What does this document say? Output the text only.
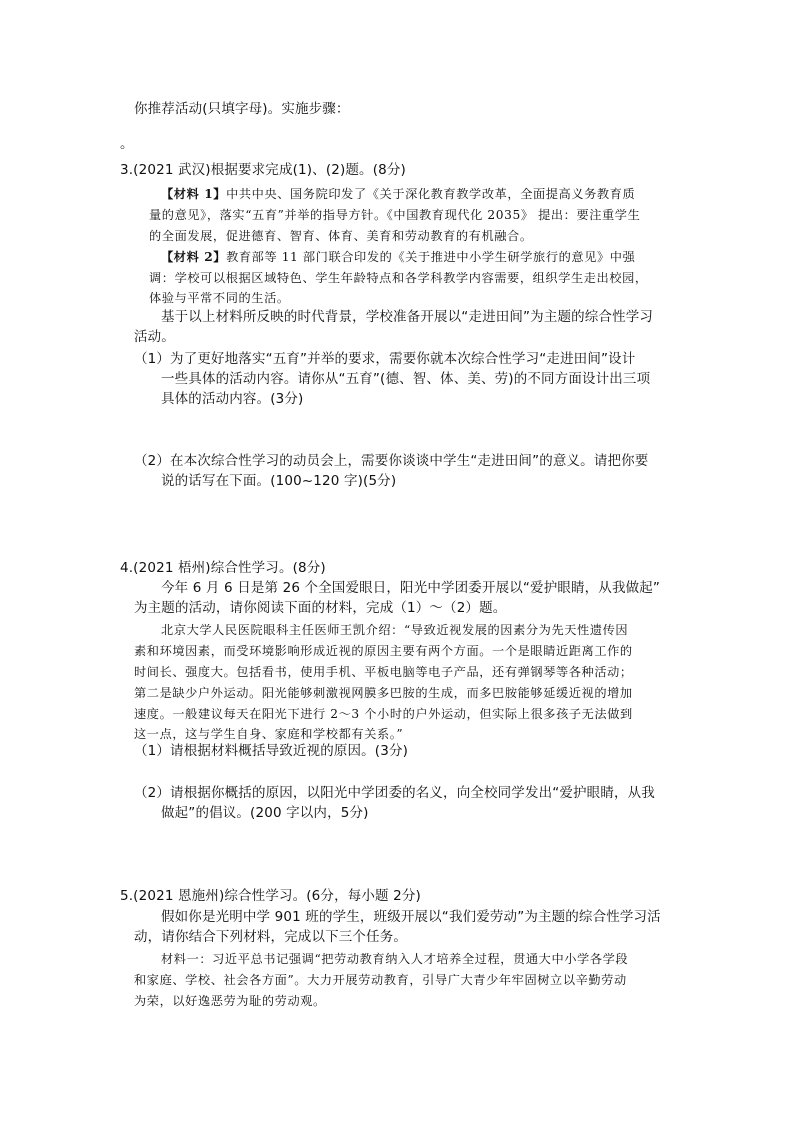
你推荐活动(只填字母)。实施步骤：
。
3.(2021 武汉)根据要求完成(1)、(2)题。(8分)
【材料 1】中共中央、国务院印发了《关于深化教育教学改革，全面提高义务教育质
量的意见》，落实“五育”并举的指导方针。《中国教育现代化 2035》 提出：要注重学生
的全面发展，促进德育、智育、体育、美育和劳动教育的有机融合。
【材料 2】教育部等 11 部门联合印发的《关于推进中小学生研学旅行的意见》中强
调：学校可以根据区域特色、学生年龄特点和各学科教学内容需要，组织学生走出校园，
体验与平常不同的生活。
基于以上材料所反映的时代背景，学校准备开展以“走进田间”为主题的综合性学习
活动。
（1）为了更好地落实“五育”并举的要求，需要你就本次综合性学习“走进田间”设计
一些具体的活动内容。请你从“五育”(德、智、体、美、劳)的不同方面设计出三项
具体的活动内容。(3分)
（2）在本次综合性学习的动员会上，需要你谈谈中学生“走进田间”的意义。请把你要
说的话写在下面。(100~120 字)(5分)
4.(2021 梧州)综合性学习。(8分)
今年 6 月 6 日是第 26 个全国爱眼日，阳光中学团委开展以“爱护眼睛，从我做起”
为主题的活动，请你阅读下面的材料，完成（1）～（2）题。
北京大学人民医院眼科主任医师王凯介绍：“导致近视发展的因素分为先天性遗传因
素和环境因素，而受环境影响形成近视的原因主要有两个方面。一个是眼睛近距离工作的
时间长、强度大。包括看书，使用手机、平板电脑等电子产品，还有弹钢琴等各种活动；
第二是缺少户外运动。阳光能够刺激视网膜多巴胺的生成，而多巴胺能够延缓近视的增加
速度。一般建议每天在阳光下进行 2～3 个小时的户外运动，但实际上很多孩子无法做到
这一点，这与学生自身、家庭和学校都有关系。”
（1）请根据材料概括导致近视的原因。(3分)
（2）请根据你概括的原因，以阳光中学团委的名义，向全校同学发出“爱护眼睛，从我
做起”的倡议。(200 字以内，5分)
5.(2021 恩施州)综合性学习。(6分，每小题 2分)
假如你是光明中学 901 班的学生，班级开展以“我们爱劳动”为主题的综合性学习活
动，请你结合下列材料，完成以下三个任务。
材料一：习近平总书记强调“把劳动教育纳入人才培养全过程，贯通大中小学各学段
和家庭、学校、社会各方面”。大力开展劳动教育，引导广大青少年牢固树立以辛勤劳动
为荣，以好逸恶劳为耻的劳动观。
